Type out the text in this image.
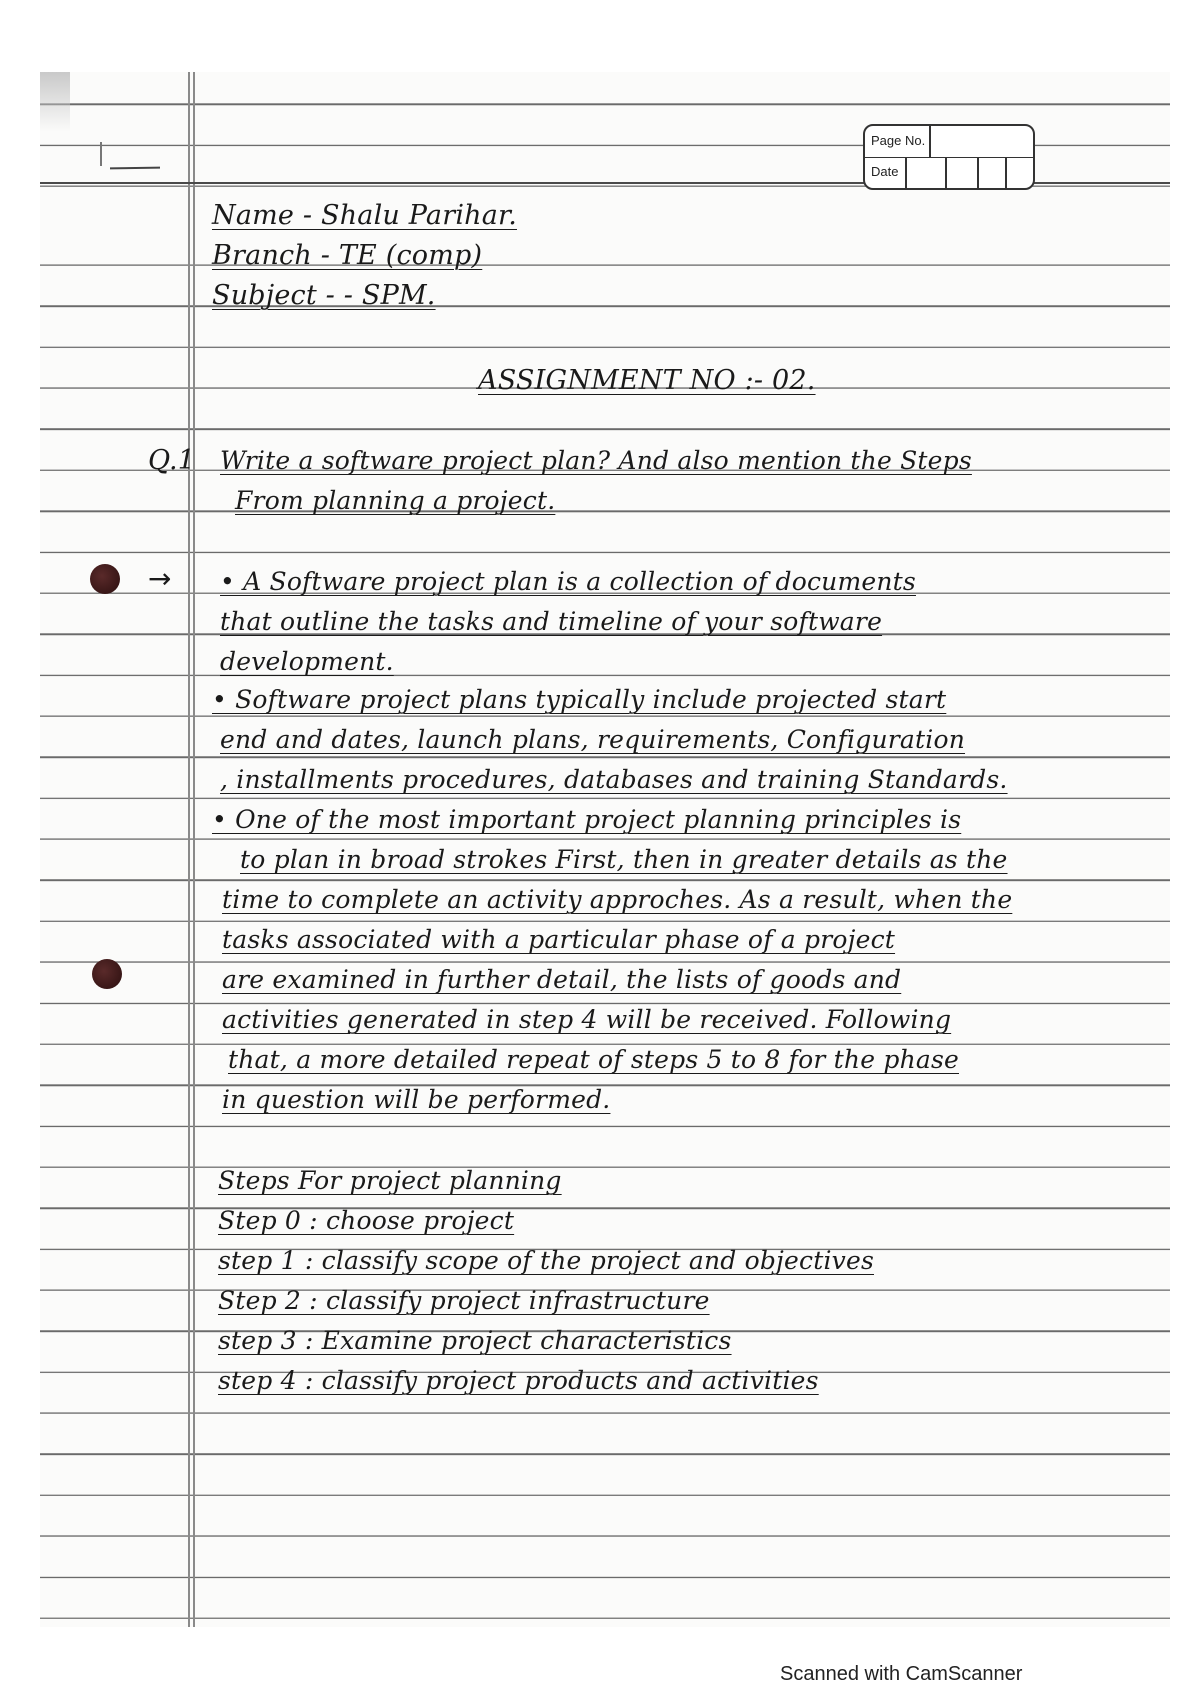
Page No.
Date
Name - Shalu Parihar.
Branch - TE (comp)
Subject - - SPM.
ASSIGNMENT NO :- 02.
Q.1 Write a software project plan? And also mention the Steps
From planning a project.
→ • A Software project plan is a collection of documents
that outline the tasks and timeline of your software
development.
• Software project plans typically include projected start
end and dates, launch plans, requirements, Configuration
, installments procedures, databases and training Standards.
• One of the most important project planning principles is
to plan in broad strokes First, then in greater details as the
time to complete an activity approches. As a result, when the
tasks associated with a particular phase of a project
are examined in further detail, the lists of goods and
activities generated in step 4 will be received. Following
that, a more detailed repeat of steps 5 to 8 for the phase
in question will be performed.
Steps For project planning
Step 0 : choose project
step 1 : classify scope of the project and objectives
Step 2 : classify project infrastructure
step 3 : Examine project characteristics
step 4 : classify project products and activities
Scanned with CamScanner
